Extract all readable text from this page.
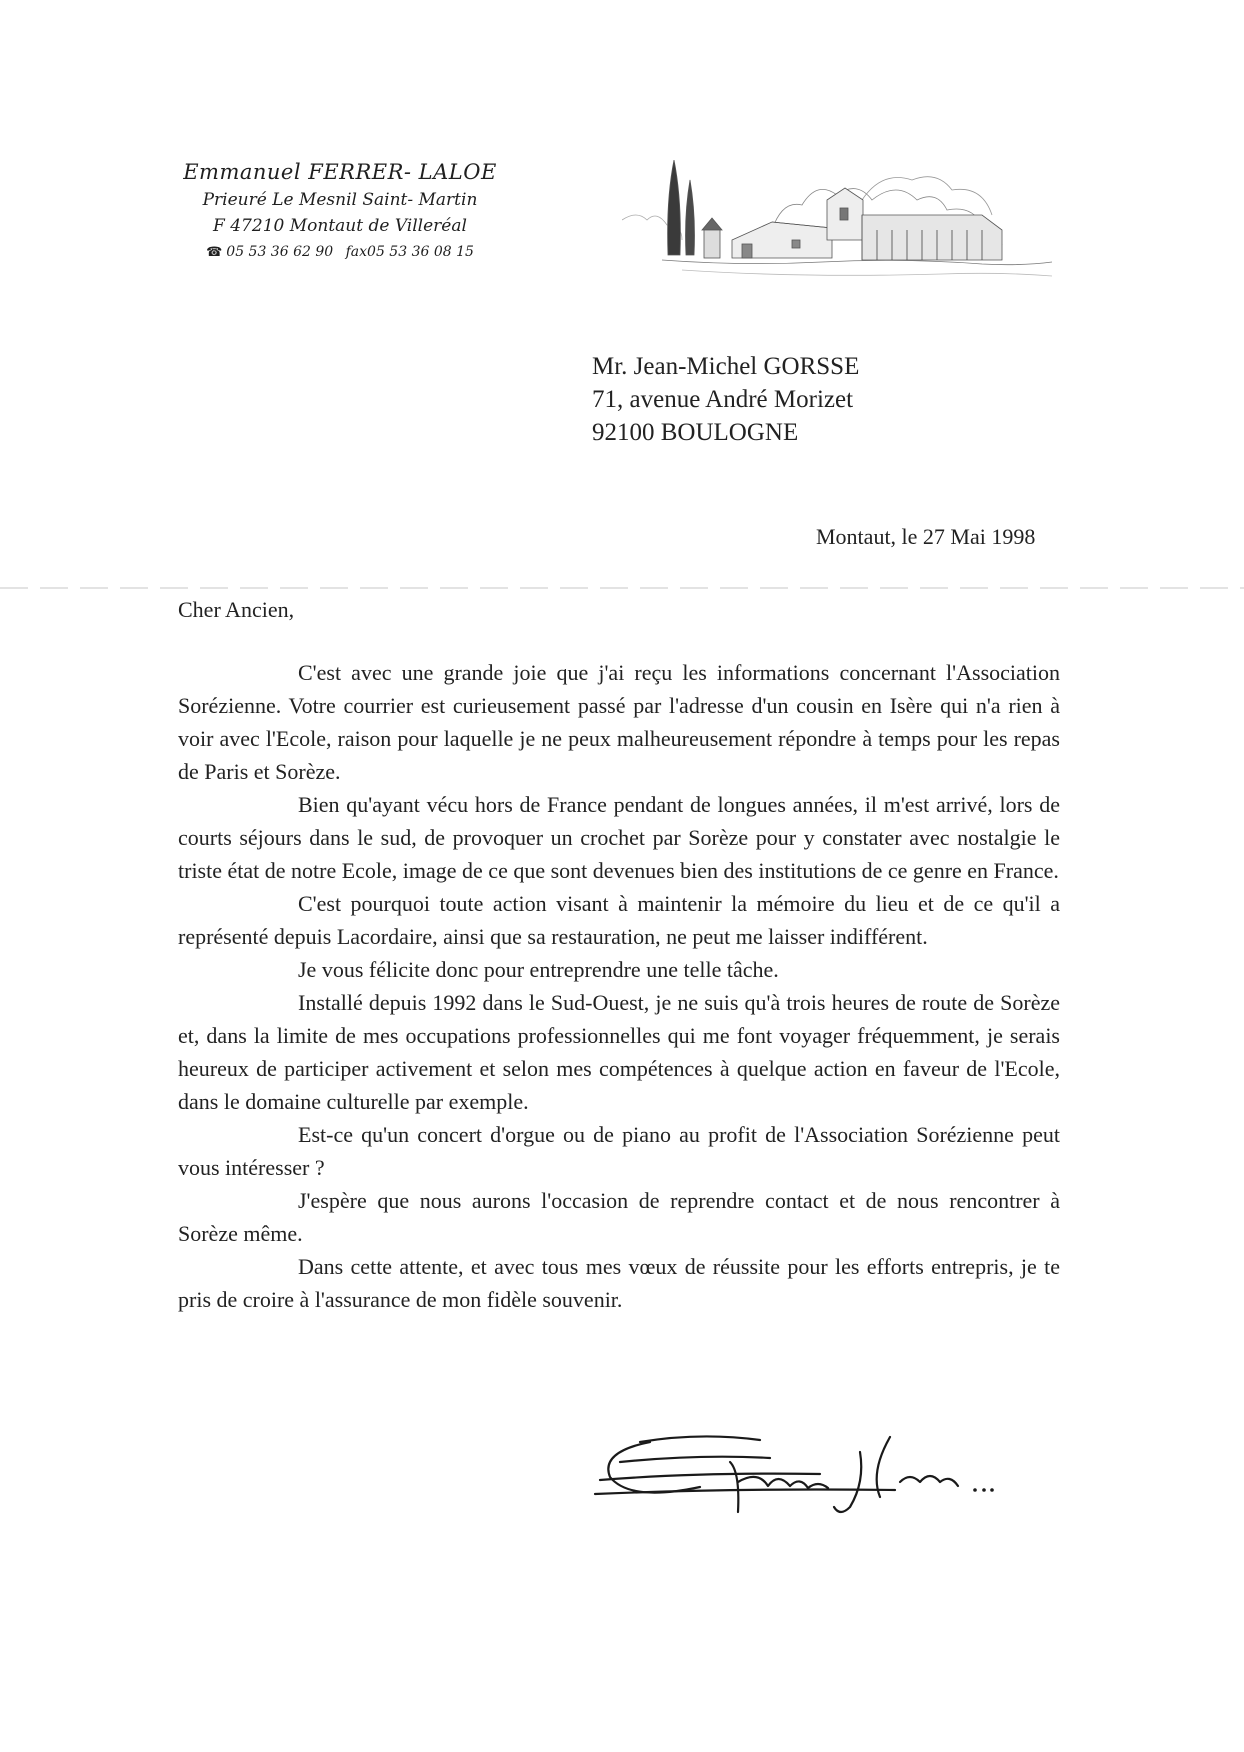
Emmanuel FERRER- LALOE
Prieuré Le Mesnil Saint- Martin
F 47210 Montaut de Villeréal
☎ 05 53 36 62 90 fax05 53 36 08 15
Mr. Jean-Michel GORSSE
71, avenue André Morizet
92100 BOULOGNE
Montaut, le 27 Mai 1998
Cher Ancien,

C'est avec une grande joie que j'ai reçu les informations concernant l'Association Sorézienne. Votre courrier est curieusement passé par l'adresse d'un cousin en Isère qui n'a rien à voir avec l'Ecole, raison pour laquelle je ne peux malheureusement répondre à temps pour les repas de Paris et Sorèze.

Bien qu'ayant vécu hors de France pendant de longues années, il m'est arrivé, lors de courts séjours dans le sud, de provoquer un crochet par Sorèze pour y constater avec nostalgie le triste état de notre Ecole, image de ce que sont devenues bien des institutions de ce genre en France.

C'est pourquoi toute action visant à maintenir la mémoire du lieu et de ce qu'il a représenté depuis Lacordaire, ainsi que sa restauration, ne peut me laisser indifférent.

Je vous félicite donc pour entreprendre une telle tâche.

Installé depuis 1992 dans le Sud-Ouest, je ne suis qu'à trois heures de route de Sorèze et, dans la limite de mes occupations professionnelles qui me font voyager fréquemment, je serais heureux de participer activement et selon mes compétences à quelque action en faveur de l'Ecole, dans le domaine culturelle par exemple.

Est-ce qu'un concert d'orgue ou de piano au profit de l'Association Sorézienne peut vous intéresser ?

J'espère que nous aurons l'occasion de reprendre contact et de nous rencontrer à Sorèze même.

Dans cette attente, et avec tous mes vœux de réussite pour les efforts entrepris, je te pris de croire à l'assurance de mon fidèle souvenir.
